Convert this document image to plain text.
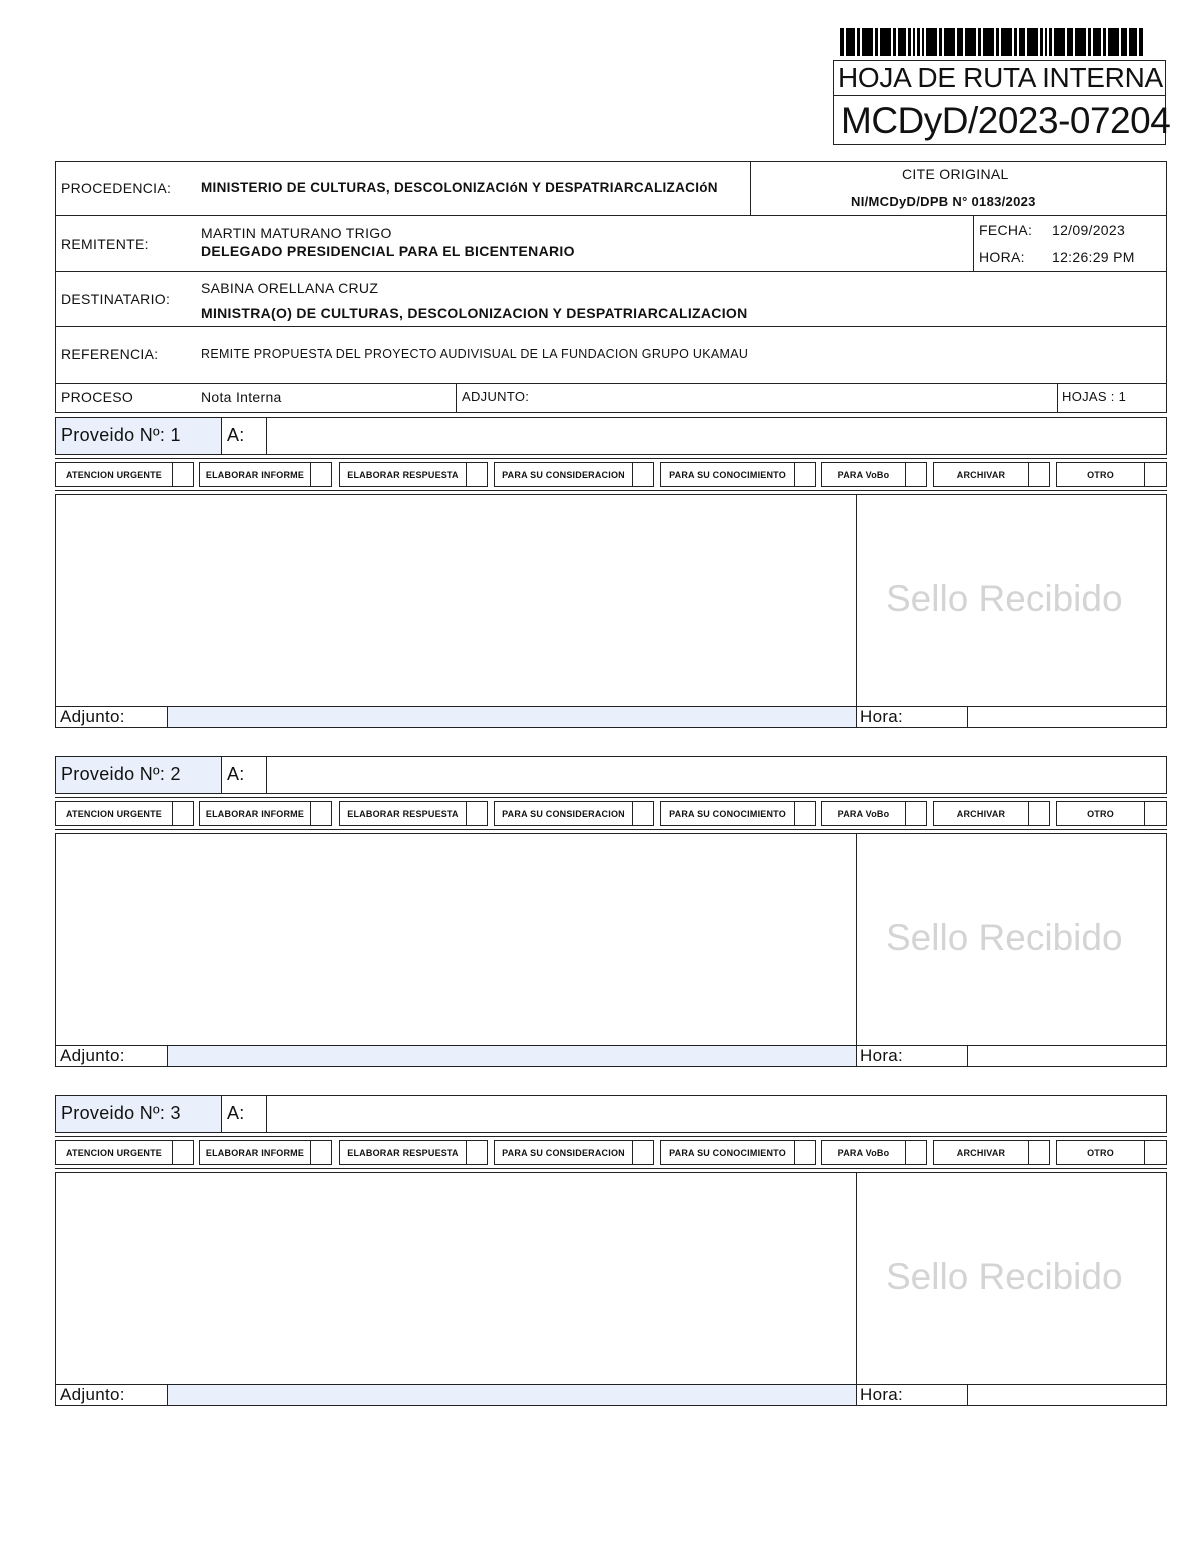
HOJA DE RUTA INTERNA
MCDyD/2023-07204
PROCEDENCIA: MINISTERIO DE CULTURAS, DESCOLONIZACIóN Y DESPATRIARCALIZACIóN
CITE ORIGINAL
NI/MCDyD/DPB N° 0183/2023
REMITENTE:
MARTIN MATURANO TRIGO
DELEGADO PRESIDENCIAL PARA EL BICENTENARIO
FECHA: 12/09/2023
HORA: 12:26:29 PM
DESTINATARIO:
SABINA ORELLANA CRUZ
MINISTRA(O) DE CULTURAS, DESCOLONIZACION Y DESPATRIARCALIZACION
REFERENCIA:	REMITE PROPUESTA DEL PROYECTO AUDIVISUAL DE LA FUNDACION GRUPO UKAMAU
PROCESO	Nota Interna	ADJUNTO:	HOJAS : 1
Proveido Nº: 1	A:
ATENCION URGENTE	ELABORAR INFORME	ELABORAR RESPUESTA	PARA SU CONSIDERACION	PARA SU CONOCIMIENTO	PARA VoBo	ARCHIVAR	OTRO
Sello Recibido
Adjunto:	Hora:
Proveido Nº: 2	A:
ATENCION URGENTE	ELABORAR INFORME	ELABORAR RESPUESTA	PARA SU CONSIDERACION	PARA SU CONOCIMIENTO	PARA VoBo	ARCHIVAR	OTRO
Sello Recibido
Adjunto:	Hora:
Proveido Nº: 3	A:
ATENCION URGENTE	ELABORAR INFORME	ELABORAR RESPUESTA	PARA SU CONSIDERACION	PARA SU CONOCIMIENTO	PARA VoBo	ARCHIVAR	OTRO
Sello Recibido
Adjunto:	Hora:
